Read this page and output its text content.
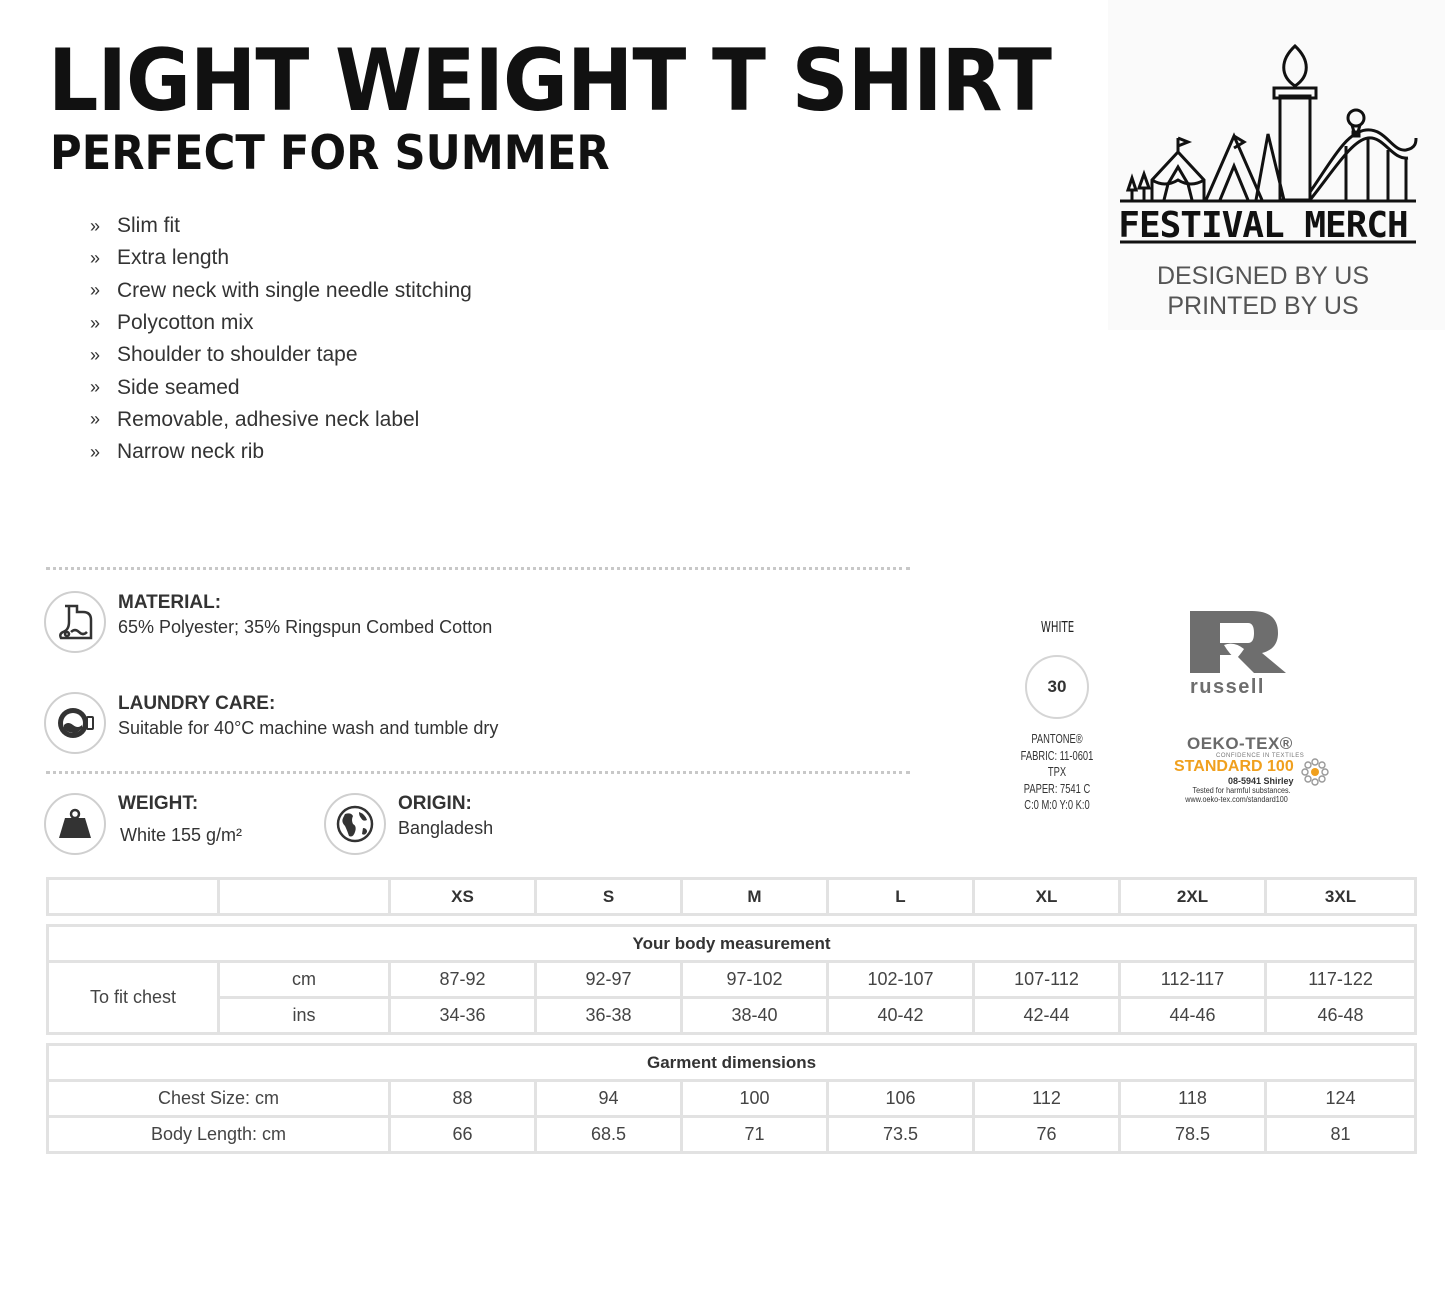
LIGHT WEIGHT T SHIRT
PERFECT FOR SUMMER
» Slim fit
» Extra length
» Crew neck with single needle stitching
» Polycotton mix
» Shoulder to shoulder tape
» Side seamed
» Removable, adhesive neck label
» Narrow neck rib
FESTIVAL MERCH
DESIGNED BY US
PRINTED BY US
MATERIAL:
65% Polyester; 35% Ringspun Combed Cotton
LAUNDRY CARE:
Suitable for 40°C machine wash and tumble dry
WEIGHT:
White 155 g/m²
ORIGIN:
Bangladesh
WHITE
30
PANTONE®
FABRIC: 11-0601 TPX
PAPER: 7541 C
C:0 M:0 Y:0 K:0
russell
OEKO-TEX®
CONFIDENCE IN TEXTILES
STANDARD 100
08-5941 Shirley
Tested for harmful substances.
www.oeko-tex.com/standard100
		XS	S	M	L	XL	2XL	3XL
Your body measurement								
To fit chest	cm	87-92	92-97	97-102	102-107	107-112	112-117	117-122
	ins	34-36	36-38	38-40	40-42	42-44	44-46	46-48
Garment dimensions							
Chest Size: cm	88	94	100	106	112	118	124
Body Length: cm	66	68.5	71	73.5	76	78.5	81
